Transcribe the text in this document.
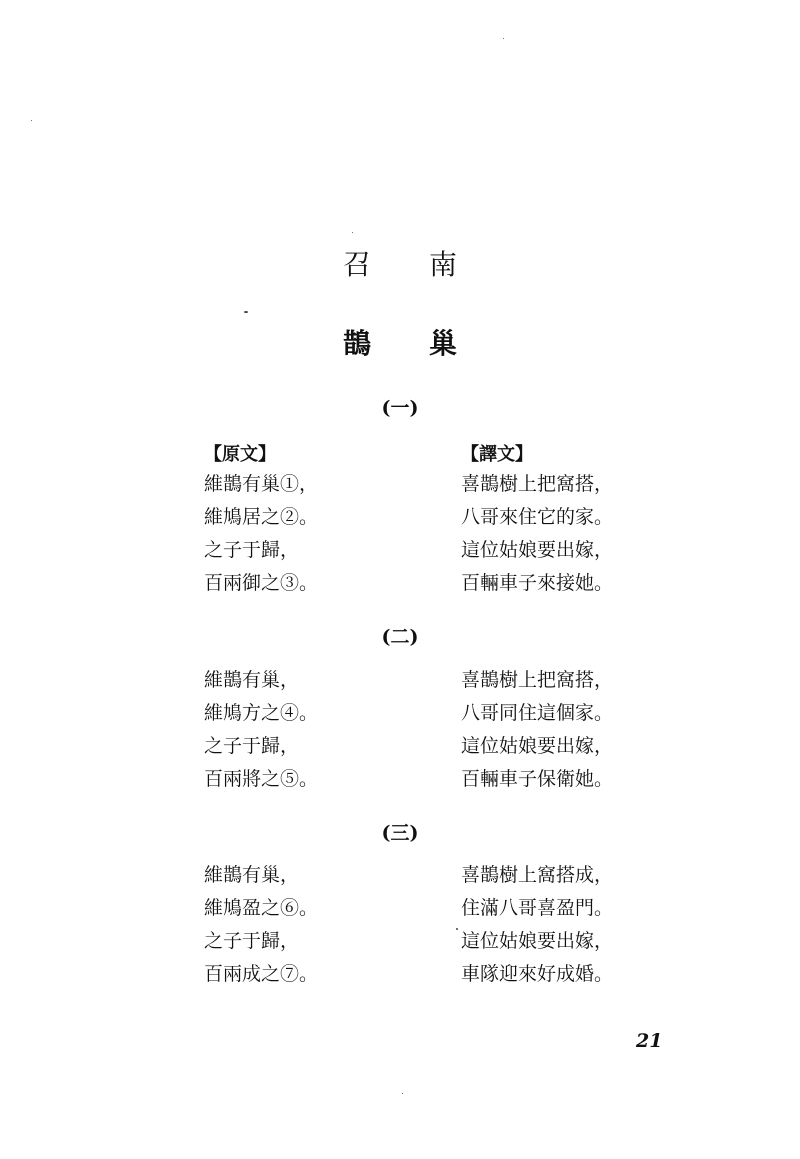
召南
鵲巢
(一)
【原文】	【譯文】
維鵲有巢①，
維鳩居之②。
之子于歸，
百兩御之③。
喜鵲樹上把窩搭，
八哥來住它的家。
這位姑娘要出嫁，
百輛車子來接她。
(二)
維鵲有巢，
維鳩方之④。
之子于歸，
百兩將之⑤。
喜鵲樹上把窩搭，
八哥同住這個家。
這位姑娘要出嫁，
百輛車子保衛她。
(三)
維鵲有巢，
維鳩盈之⑥。
之子于歸，
百兩成之⑦。
喜鵲樹上窩搭成，
住滿八哥喜盈門。
這位姑娘要出嫁，
車隊迎來好成婚。
21
